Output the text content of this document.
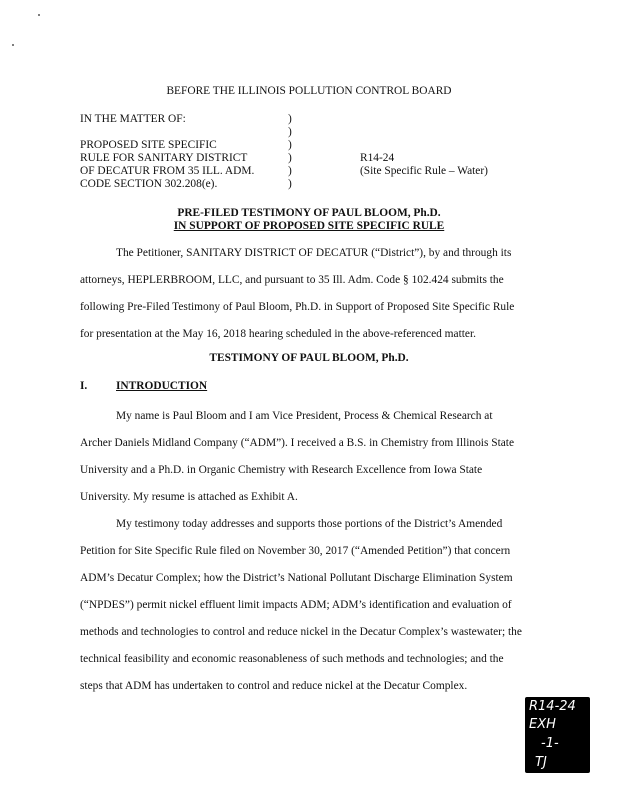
BEFORE THE ILLINOIS POLLUTION CONTROL BOARD
IN THE MATTER OF:
PROPOSED SITE SPECIFIC
RULE FOR SANITARY DISTRICT
OF DECATUR FROM 35 ILL. ADM.
CODE SECTION 302.208(e).
)
)
)
)
)
)
R14-24
(Site Specific Rule – Water)
PRE-FILED TESTIMONY OF PAUL BLOOM, Ph.D.
IN SUPPORT OF PROPOSED SITE SPECIFIC RULE
The Petitioner, SANITARY DISTRICT OF DECATUR (“District”), by and through its
attorneys, HEPLERBROOM, LLC, and pursuant to 35 Ill. Adm. Code § 102.424 submits the
following Pre-Filed Testimony of Paul Bloom, Ph.D. in Support of Proposed Site Specific Rule
for presentation at the May 16, 2018 hearing scheduled in the above-referenced matter.
TESTIMONY OF PAUL BLOOM, Ph.D.
I.	INTRODUCTION
My name is Paul Bloom and I am Vice President, Process & Chemical Research at
Archer Daniels Midland Company (“ADM”). I received a B.S. in Chemistry from Illinois State
University and a Ph.D. in Organic Chemistry with Research Excellence from Iowa State
University. My resume is attached as Exhibit A.
My testimony today addresses and supports those portions of the District’s Amended
Petition for Site Specific Rule filed on November 30, 2017 (“Amended Petition”) that concern
ADM’s Decatur Complex; how the District’s National Pollutant Discharge Elimination System
(“NPDES”) permit nickel effluent limit impacts ADM; ADM’s identification and evaluation of
methods and technologies to control and reduce nickel in the Decatur Complex’s wastewater; the
technical feasibility and economic reasonableness of such methods and technologies; and the
steps that ADM has undertaken to control and reduce nickel at the Decatur Complex.
R14-24
EXH
-1-
TJ
